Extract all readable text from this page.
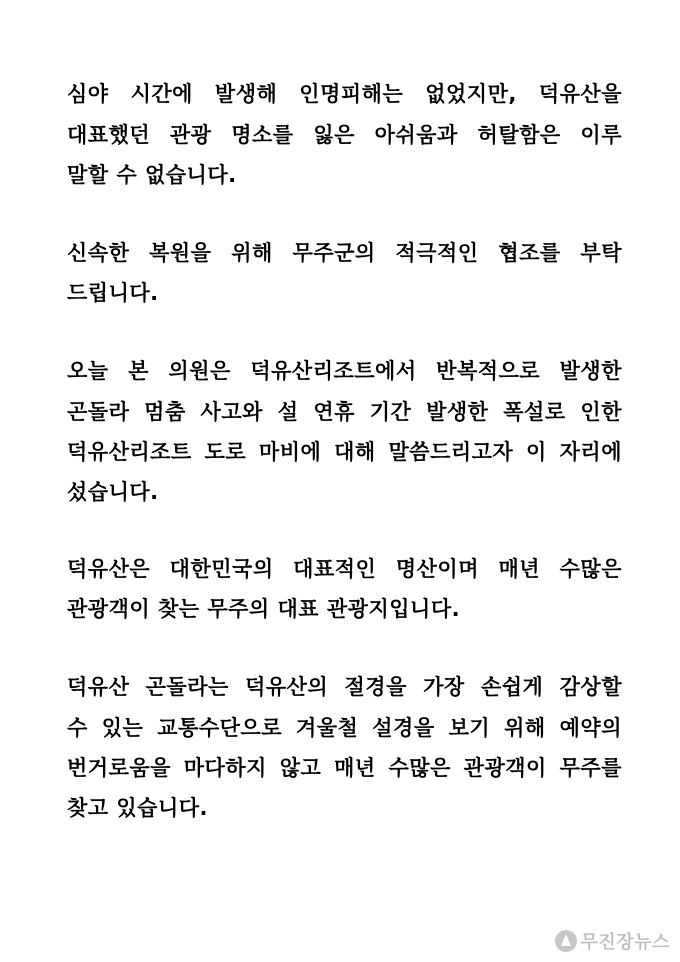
심야 시간에 발생해 인명피해는 없었지만, 덕유산을
대표했던 관광 명소를 잃은 아쉬움과 허탈함은 이루
말할 수 없습니다.
신속한 복원을 위해 무주군의 적극적인 협조를 부탁
드립니다.
오늘 본 의원은 덕유산리조트에서 반복적으로 발생한
곤돌라 멈춤 사고와 설 연휴 기간 발생한 폭설로 인한
덕유산리조트 도로 마비에 대해 말씀드리고자 이 자리에
섰습니다.
덕유산은 대한민국의 대표적인 명산이며 매년 수많은
관광객이 찾는 무주의 대표 관광지입니다.
덕유산 곤돌라는 덕유산의 절경을 가장 손쉽게 감상할
수 있는 교통수단으로 겨울철 설경을 보기 위해 예약의
번거로움을 마다하지 않고 매년 수많은 관광객이 무주를
찾고 있습니다.
무진장뉴스
